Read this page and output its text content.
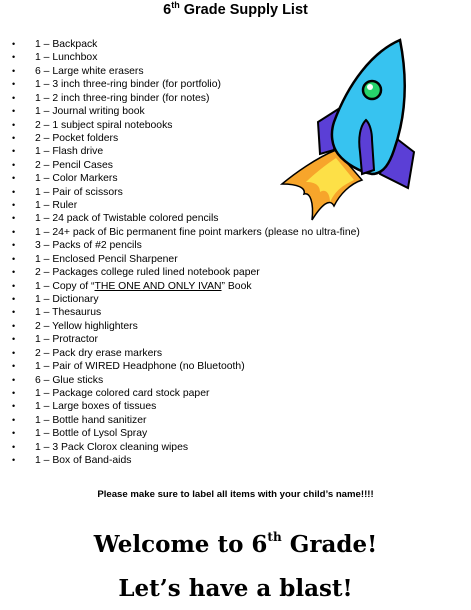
6th Grade Supply List
• 1 – Backpack
• 1 – Lunchbox
• 6 – Large white erasers
• 1 – 3 inch three-ring binder (for portfolio)
• 1 – 2 inch three-ring binder (for notes)
• 1 – Journal writing book
• 2 – 1 subject spiral notebooks
• 2 – Pocket folders
• 1 – Flash drive
• 2 – Pencil Cases
• 1 – Color Markers
• 1 – Pair of scissors
• 1 – Ruler
• 1 – 24 pack of Twistable colored pencils
• 1 – 24+ pack of Bic permanent fine point markers (please no ultra-fine)
• 3 – Packs of #2 pencils
• 1 – Enclosed Pencil Sharpener
• 2 – Packages college ruled lined notebook paper
• 1 – Copy of “THE ONE AND ONLY IVAN” Book
• 1 – Dictionary
• 1 – Thesaurus
• 2 – Yellow highlighters
• 1 – Protractor
• 2 – Pack dry erase markers
• 1 – Pair of WIRED Headphone (no Bluetooth)
• 6 – Glue sticks
• 1 – Package colored card stock paper
• 1 – Large boxes of tissues
• 1 – Bottle hand sanitizer
• 1 – Bottle of Lysol Spray
• 1 – 3 Pack Clorox cleaning wipes
• 1 – Box of Band-aids
Please make sure to label all items with your child’s name!!!!
Welcome to 6th Grade!
Let’s have a blast!
